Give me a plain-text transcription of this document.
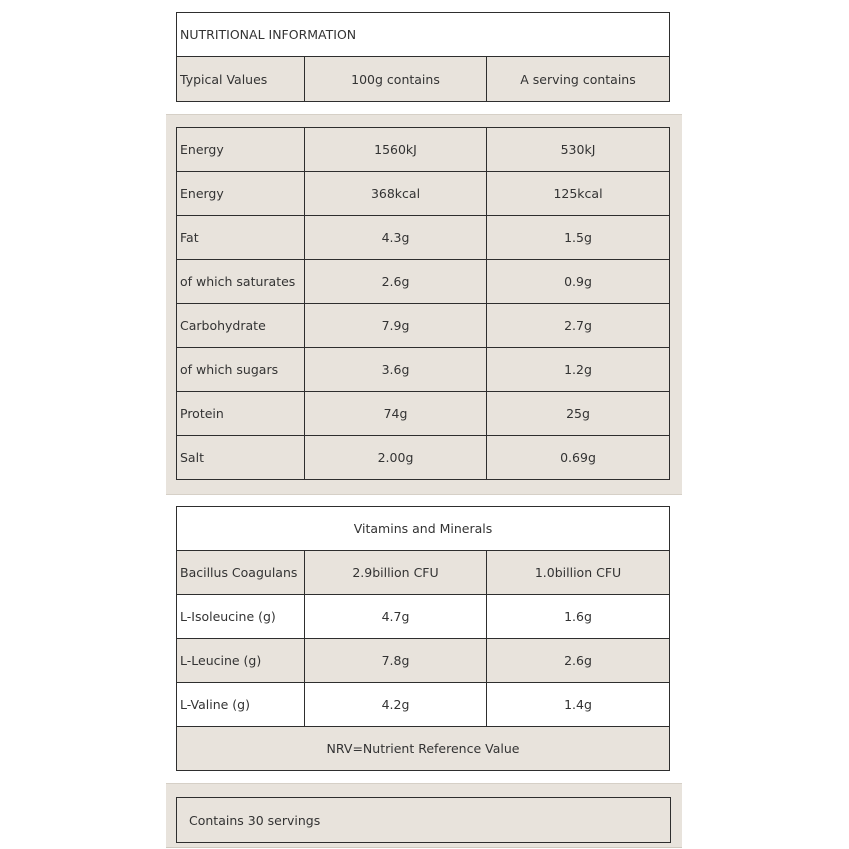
NUTRITIONAL INFORMATION
Typical Values	100g contains	A serving contains
Energy	1560kJ	530kJ
Energy	368kcal	125kcal
Fat	4.3g	1.5g
of which saturates	2.6g	0.9g
Carbohydrate	7.9g	2.7g
of which sugars	3.6g	1.2g
Protein	74g	25g
Salt	2.00g	0.69g
Vitamins and Minerals		
Bacillus Coagulans	2.9billion CFU	1.0billion CFU
L-Isoleucine (g)	4.7g	1.6g
L-Leucine (g)	7.8g	2.6g
L-Valine (g)	4.2g	1.4g
NRV=Nutrient Reference Value		
Contains 30 servings
